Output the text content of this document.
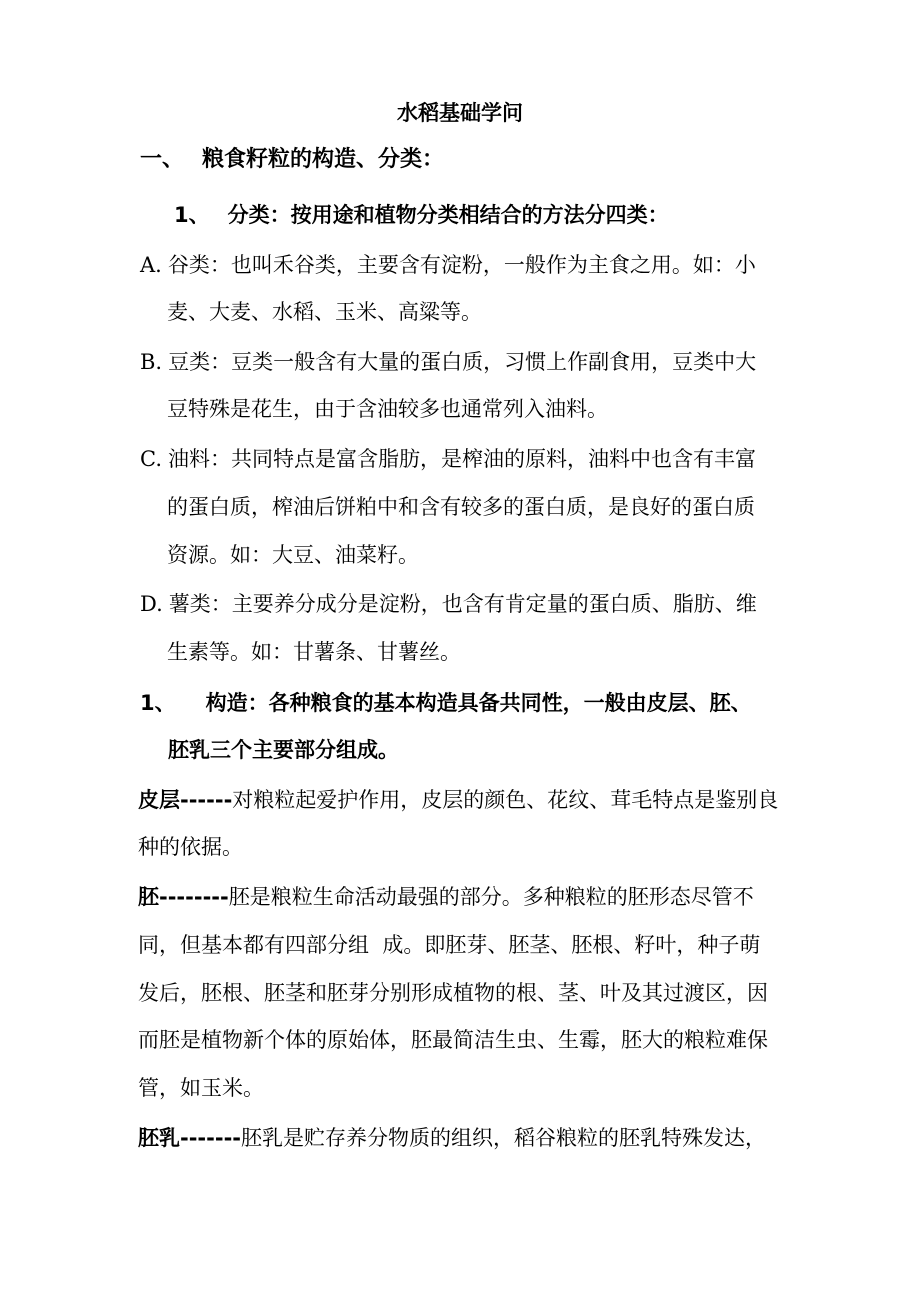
水稻基础学问
一、 粮食籽粒的构造、分类：
1、 分类：按用途和植物分类相结合的方法分四类：
A. 谷类：也叫禾谷类，主要含有淀粉，一般作为主食之用。如：小
麦、大麦、水稻、玉米、高粱等。
B. 豆类：豆类一般含有大量的蛋白质，习惯上作副食用，豆类中大
豆特殊是花生，由于含油较多也通常列入油料。
C. 油料：共同特点是富含脂肪，是榨油的原料，油料中也含有丰富
的蛋白质，榨油后饼粕中和含有较多的蛋白质，是良好的蛋白质
资源。如：大豆、油菜籽。
D. 薯类：主要养分成分是淀粉，也含有肯定量的蛋白质、脂肪、维
生素等。如：甘薯条、甘薯丝。
1、 构造：各种粮食的基本构造具备共同性，一般由皮层、胚、
胚乳三个主要部分组成。
皮层------ 对粮粒起爱护作用，皮层的颜色、花纹、茸毛特点是鉴别良
种的依据。
胚-------- 胚是粮粒生命活动最强的部分。多种粮粒的胚形态尽管不
同，但基本都有四部分组  成。即胚芽、胚茎、胚根、籽叶，种子萌
发后，胚根、胚茎和胚芽分别形成植物的根、茎、叶及其过渡区，因
而胚是植物新个体的原始体，胚最简洁生虫、生霉，胚大的粮粒难保
管，如玉米。
胚乳------- 胚乳是贮存养分物质的组织，稻谷粮粒的胚乳特殊发达，
